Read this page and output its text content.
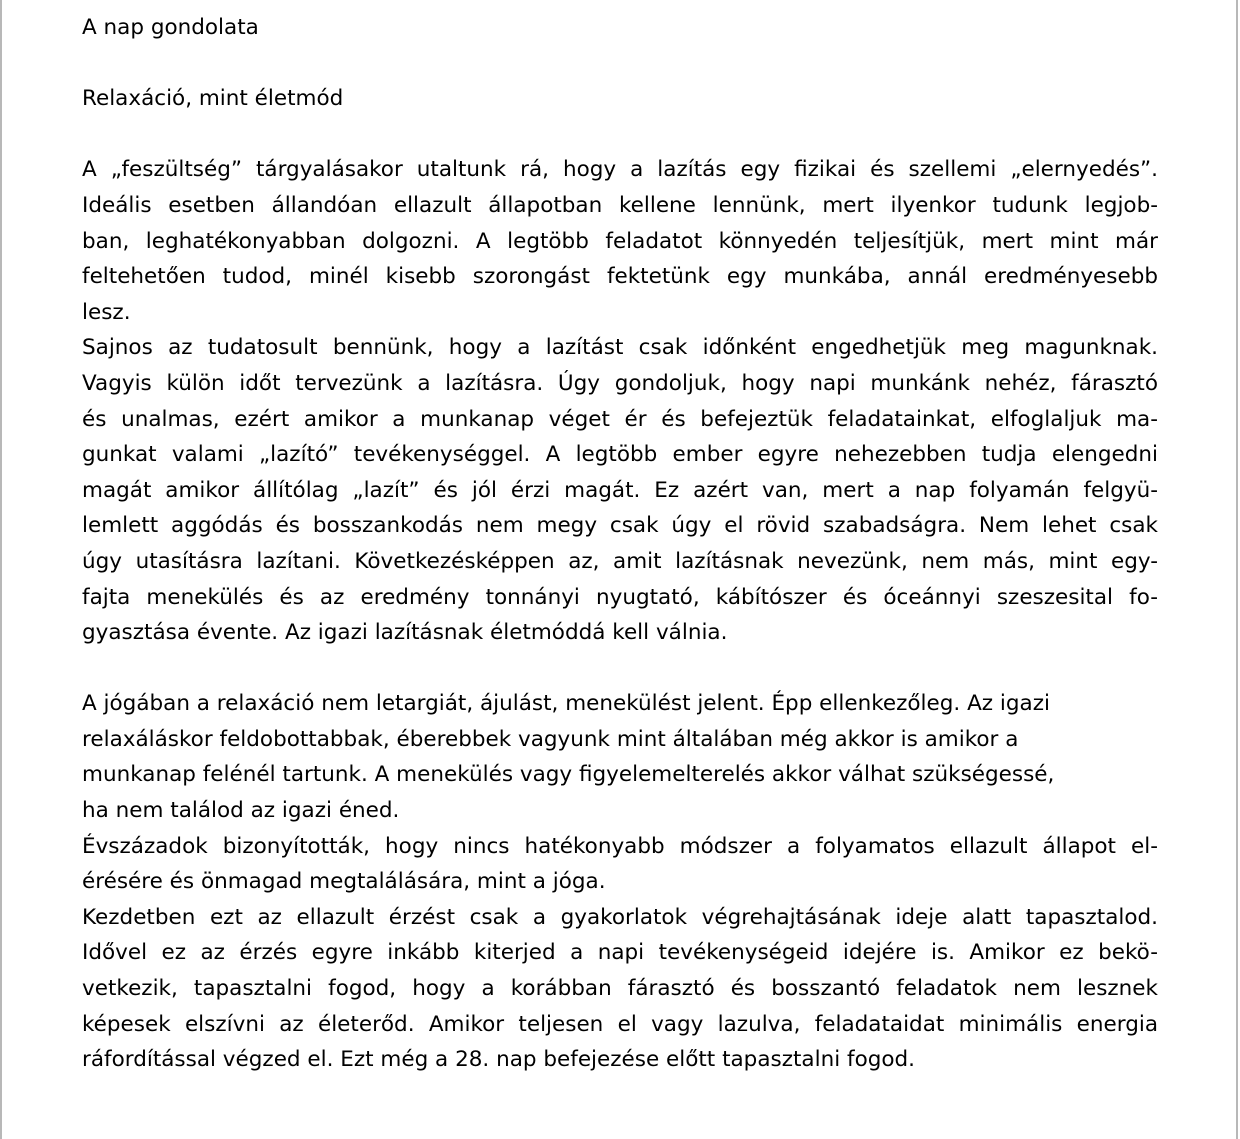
A nap gondolata
Relaxáció, mint életmód
A „feszültség” tárgyalásakor utaltunk rá, hogy a lazítás egy fizikai és szellemi „elernyedés”.
Ideális esetben állandóan ellazult állapotban kellene lennünk, mert ilyenkor tudunk legjob-
ban, leghatékonyabban dolgozni. A legtöbb feladatot könnyedén teljesítjük, mert mint már
feltehetően tudod, minél kisebb szorongást fektetünk egy munkába, annál eredményesebb
lesz.
Sajnos az tudatosult bennünk, hogy a lazítást csak időnként engedhetjük meg magunknak.
Vagyis külön időt tervezünk a lazításra. Úgy gondoljuk, hogy napi munkánk nehéz, fárasztó
és unalmas, ezért amikor a munkanap véget ér és befejeztük feladatainkat, elfoglaljuk ma-
gunkat valami „lazító” tevékenységgel. A legtöbb ember egyre nehezebben tudja elengedni
magát amikor állítólag „lazít” és jól érzi magát. Ez azért van, mert a nap folyamán felgyü-
lemlett aggódás és bosszankodás nem megy csak úgy el rövid szabadságra. Nem lehet csak
úgy utasításra lazítani. Következésképpen az, amit lazításnak nevezünk, nem más, mint egy-
fajta menekülés és az eredmény tonnányi nyugtató, kábítószer és óceánnyi szeszesital fo-
gyasztása évente. Az igazi lazításnak életmóddá kell válnia.
A jógában a relaxáció nem letargiát, ájulást, menekülést jelent. Épp ellenkezőleg. Az igazi
relaxáláskor feldobottabbak, éberebbek vagyunk mint általában még akkor is amikor a
munkanap felénél tartunk. A menekülés vagy figyelemelterelés akkor válhat szükségessé,
ha nem találod az igazi éned.
Évszázadok bizonyították, hogy nincs hatékonyabb módszer a folyamatos ellazult állapot el-
érésére és önmagad megtalálására, mint a jóga.
Kezdetben ezt az ellazult érzést csak a gyakorlatok végrehajtásának ideje alatt tapasztalod.
Idővel ez az érzés egyre inkább kiterjed a napi tevékenységeid idejére is. Amikor ez bekö-
vetkezik, tapasztalni fogod, hogy a korábban fárasztó és bosszantó feladatok nem lesznek
képesek elszívni az életerőd. Amikor teljesen el vagy lazulva, feladataidat minimális energia
ráfordítással végzed el. Ezt még a 28. nap befejezése előtt tapasztalni fogod.
